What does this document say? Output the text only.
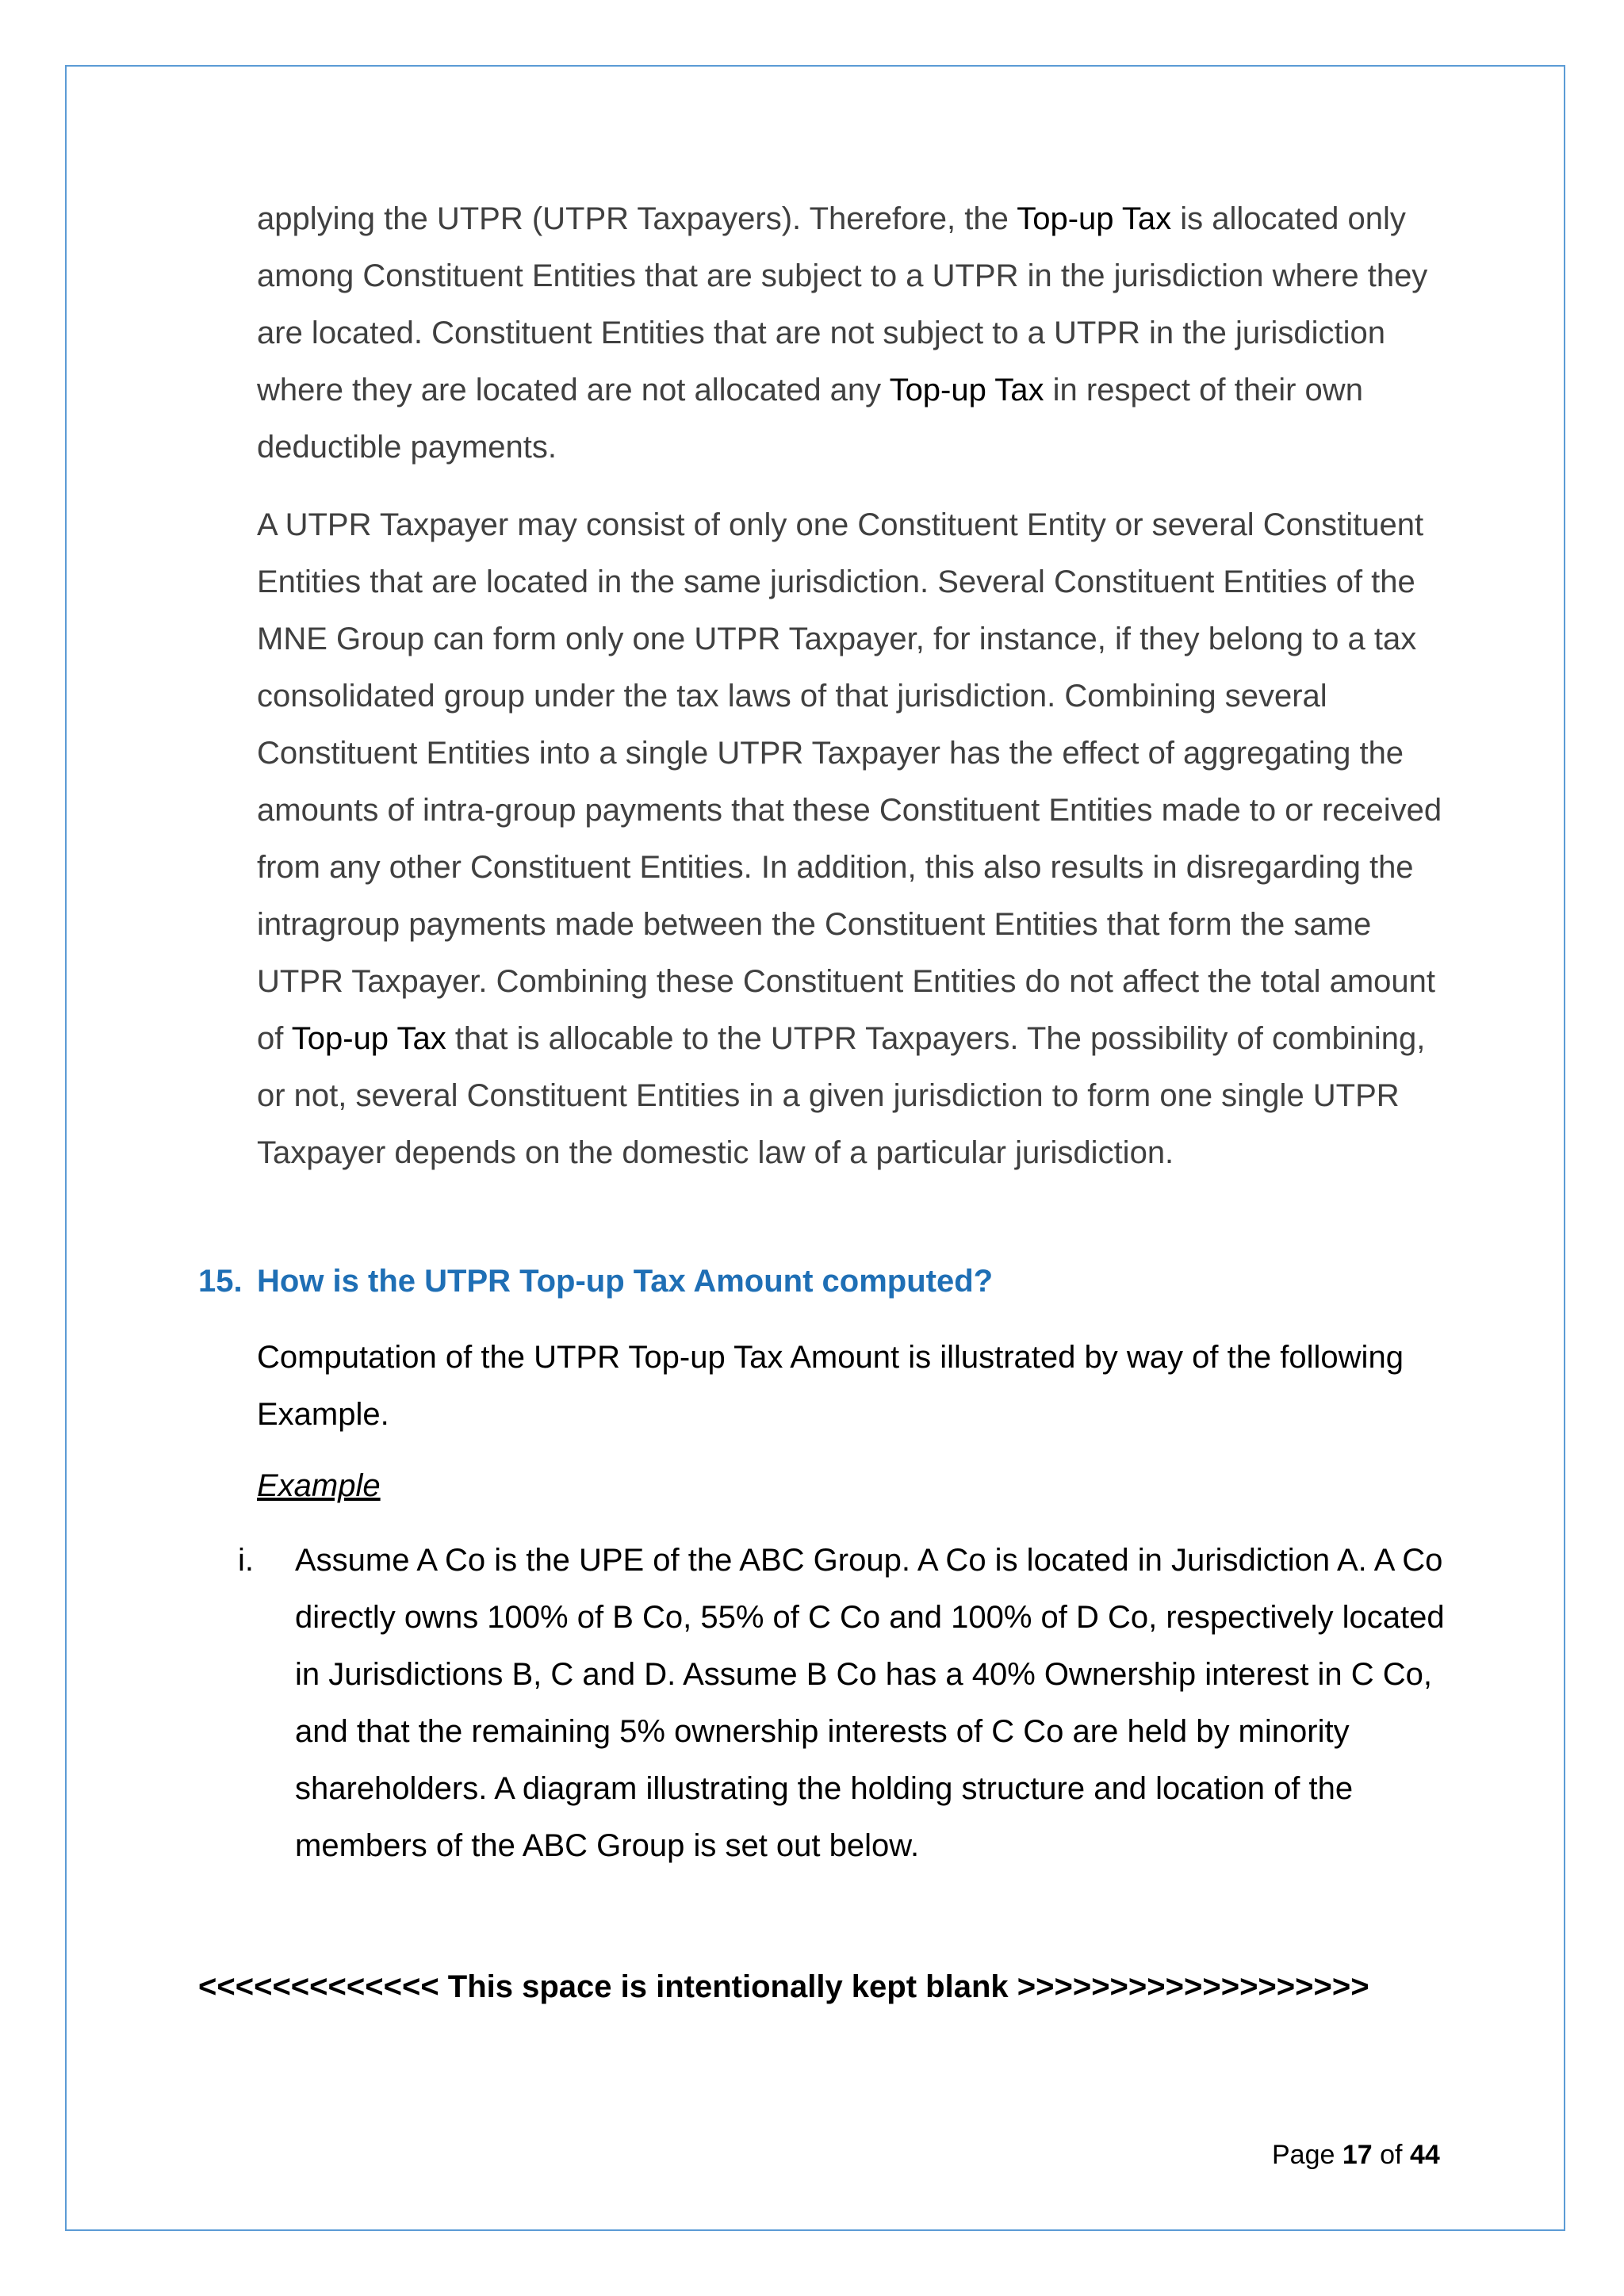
applying the UTPR (UTPR Taxpayers). Therefore, the Top-up Tax is allocated only among Constituent Entities that are subject to a UTPR in the jurisdiction where they are located. Constituent Entities that are not subject to a UTPR in the jurisdiction where they are located are not allocated any Top-up Tax in respect of their own deductible payments.

A UTPR Taxpayer may consist of only one Constituent Entity or several Constituent Entities that are located in the same jurisdiction. Several Constituent Entities of the MNE Group can form only one UTPR Taxpayer, for instance, if they belong to a tax consolidated group under the tax laws of that jurisdiction. Combining several Constituent Entities into a single UTPR Taxpayer has the effect of aggregating the amounts of intra-group payments that these Constituent Entities made to or received from any other Constituent Entities. In addition, this also results in disregarding the intragroup payments made between the Constituent Entities that form the same UTPR Taxpayer. Combining these Constituent Entities do not affect the total amount of Top-up Tax that is allocable to the UTPR Taxpayers. The possibility of combining, or not, several Constituent Entities in a given jurisdiction to form one single UTPR Taxpayer depends on the domestic law of a particular jurisdiction.

15. How is the UTPR Top-up Tax Amount computed?

Computation of the UTPR Top-up Tax Amount is illustrated by way of the following Example.

Example
i. Assume A Co is the UPE of the ABC Group. A Co is located in Jurisdiction A. A Co directly owns 100% of B Co, 55% of C Co and 100% of D Co, respectively located in Jurisdictions B, C and D. Assume B Co has a 40% Ownership interest in C Co, and that the remaining 5% ownership interests of C Co are held by minority shareholders. A diagram illustrating the holding structure and location of the members of the ABC Group is set out below.

<<<<<<<<<<<<< This space is intentionally kept blank >>>>>>>>>>>>>>>>>>>
Page 17 of 44
